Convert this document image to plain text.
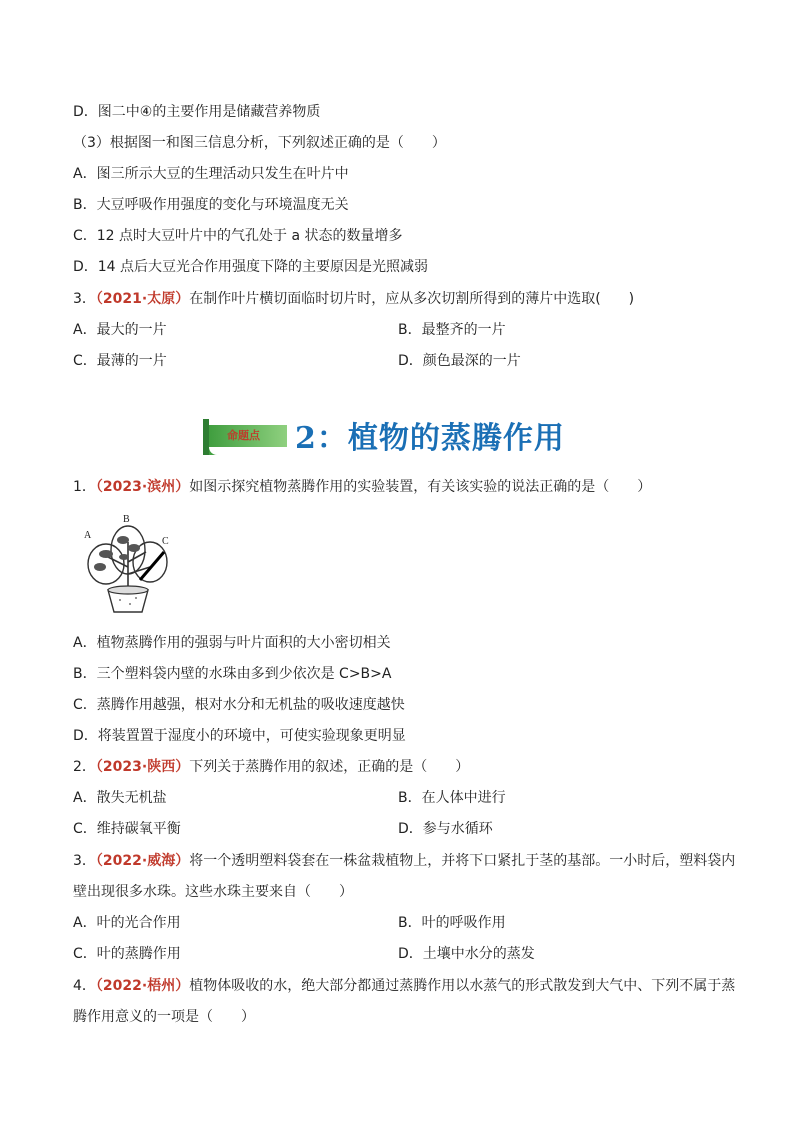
D．图二中④的主要作用是储藏营养物质
（3）根据图一和图三信息分析，下列叙述正确的是（　　）
A．图三所示大豆的生理活动只发生在叶片中
B．大豆呼吸作用强度的变化与环境温度无关
C．12 点时大豆叶片中的气孔处于 a 状态的数量增多
D．14 点后大豆光合作用强度下降的主要原因是光照减弱
3．（2021·太原）在制作叶片横切面临时切片时，应从多次切割所得到的薄片中选取(　　)
A．最大的一片	B．最整齐的一片
C．最薄的一片	D．颜色最深的一片
命题点 2：植物的蒸腾作用
1．（2023·滨州）如图示探究植物蒸腾作用的实验装置，有关该实验的说法正确的是（　　）
A
B
C
A．植物蒸腾作用的强弱与叶片面积的大小密切相关
B．三个塑料袋内壁的水珠由多到少依次是 C>B>A
C．蒸腾作用越强，根对水分和无机盐的吸收速度越快
D．将装置置于湿度小的环境中，可使实验现象更明显
2．（2023·陕西）下列关于蒸腾作用的叙述，正确的是（　　）
A．散失无机盐	B．在人体中进行
C．维持碳氧平衡	D．参与水循环
3．（2022·威海）将一个透明塑料袋套在一株盆栽植物上，并将下口紧扎于茎的基部。一小时后，塑料袋内
壁出现很多水珠。这些水珠主要来自（　　）
A．叶的光合作用	B．叶的呼吸作用
C．叶的蒸腾作用	D．土壤中水分的蒸发
4．（2022·梧州）植物体吸收的水，绝大部分都通过蒸腾作用以水蒸气的形式散发到大气中、下列不属于蒸
腾作用意义的一项是（　　）
